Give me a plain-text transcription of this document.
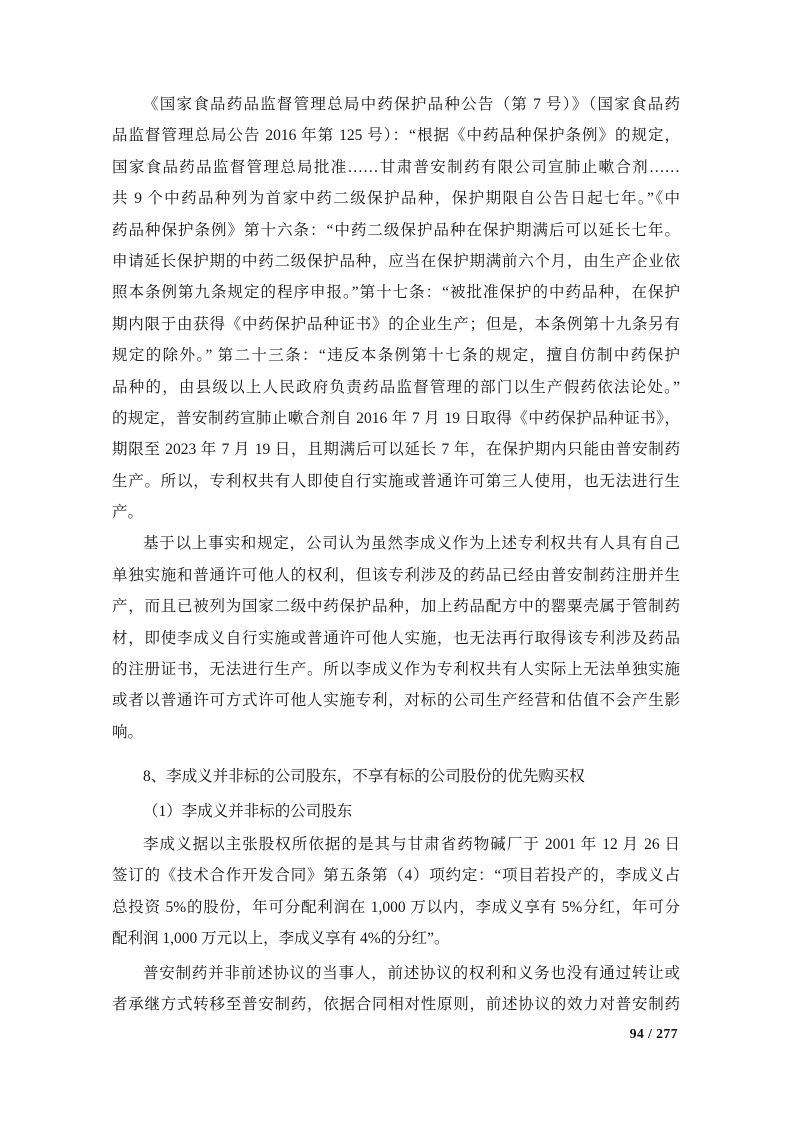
《国家食品药品监督管理总局中药保护品种公告（第 7 号）》（国家食品药
品监督管理总局公告 2016 年第 125 号）：“根据《中药品种保护条例》的规定，
国家食品药品监督管理总局批准……甘肃普安制药有限公司宣肺止嗽合剂……
共 9 个中药品种列为首家中药二级保护品种，保护期限自公告日起七年。”《中
药品种保护条例》第十六条：“中药二级保护品种在保护期满后可以延长七年。
申请延长保护期的中药二级保护品种，应当在保护期满前六个月，由生产企业依
照本条例第九条规定的程序申报。”第十七条：“被批准保护的中药品种，在保护
期内限于由获得《中药保护品种证书》的企业生产；但是，本条例第十九条另有
规定的除外。” 第二十三条：“违反本条例第十七条的规定，擅自仿制中药保护
品种的，由县级以上人民政府负责药品监督管理的部门以生产假药依法论处。”
的规定，普安制药宣肺止嗽合剂自 2016 年 7 月 19 日取得《中药保护品种证书》，
期限至 2023 年 7 月 19 日，且期满后可以延长 7 年，在保护期内只能由普安制药
生产。所以，专利权共有人即使自行实施或普通许可第三人使用，也无法进行生
产。
基于以上事实和规定，公司认为虽然李成义作为上述专利权共有人具有自己
单独实施和普通许可他人的权利，但该专利涉及的药品已经由普安制药注册并生
产，而且已被列为国家二级中药保护品种，加上药品配方中的罂粟壳属于管制药
材，即使李成义自行实施或普通许可他人实施，也无法再行取得该专利涉及药品
的注册证书，无法进行生产。所以李成义作为专利权共有人实际上无法单独实施
或者以普通许可方式许可他人实施专利，对标的公司生产经营和估值不会产生影
响。
8、李成义并非标的公司股东，不享有标的公司股份的优先购买权
（1）李成义并非标的公司股东
李成义据以主张股权所依据的是其与甘肃省药物碱厂于 2001 年 12 月 26 日
签订的《技术合作开发合同》第五条第（4）项约定：“项目若投产的，李成义占
总投资 5%的股份，年可分配利润在 1,000 万以内，李成义享有 5%分红，年可分
配利润 1,000 万元以上，李成义享有 4%的分红”。
普安制药并非前述协议的当事人，前述协议的权利和义务也没有通过转让或
者承继方式转移至普安制药，依据合同相对性原则，前述协议的效力对普安制药
94 / 277
